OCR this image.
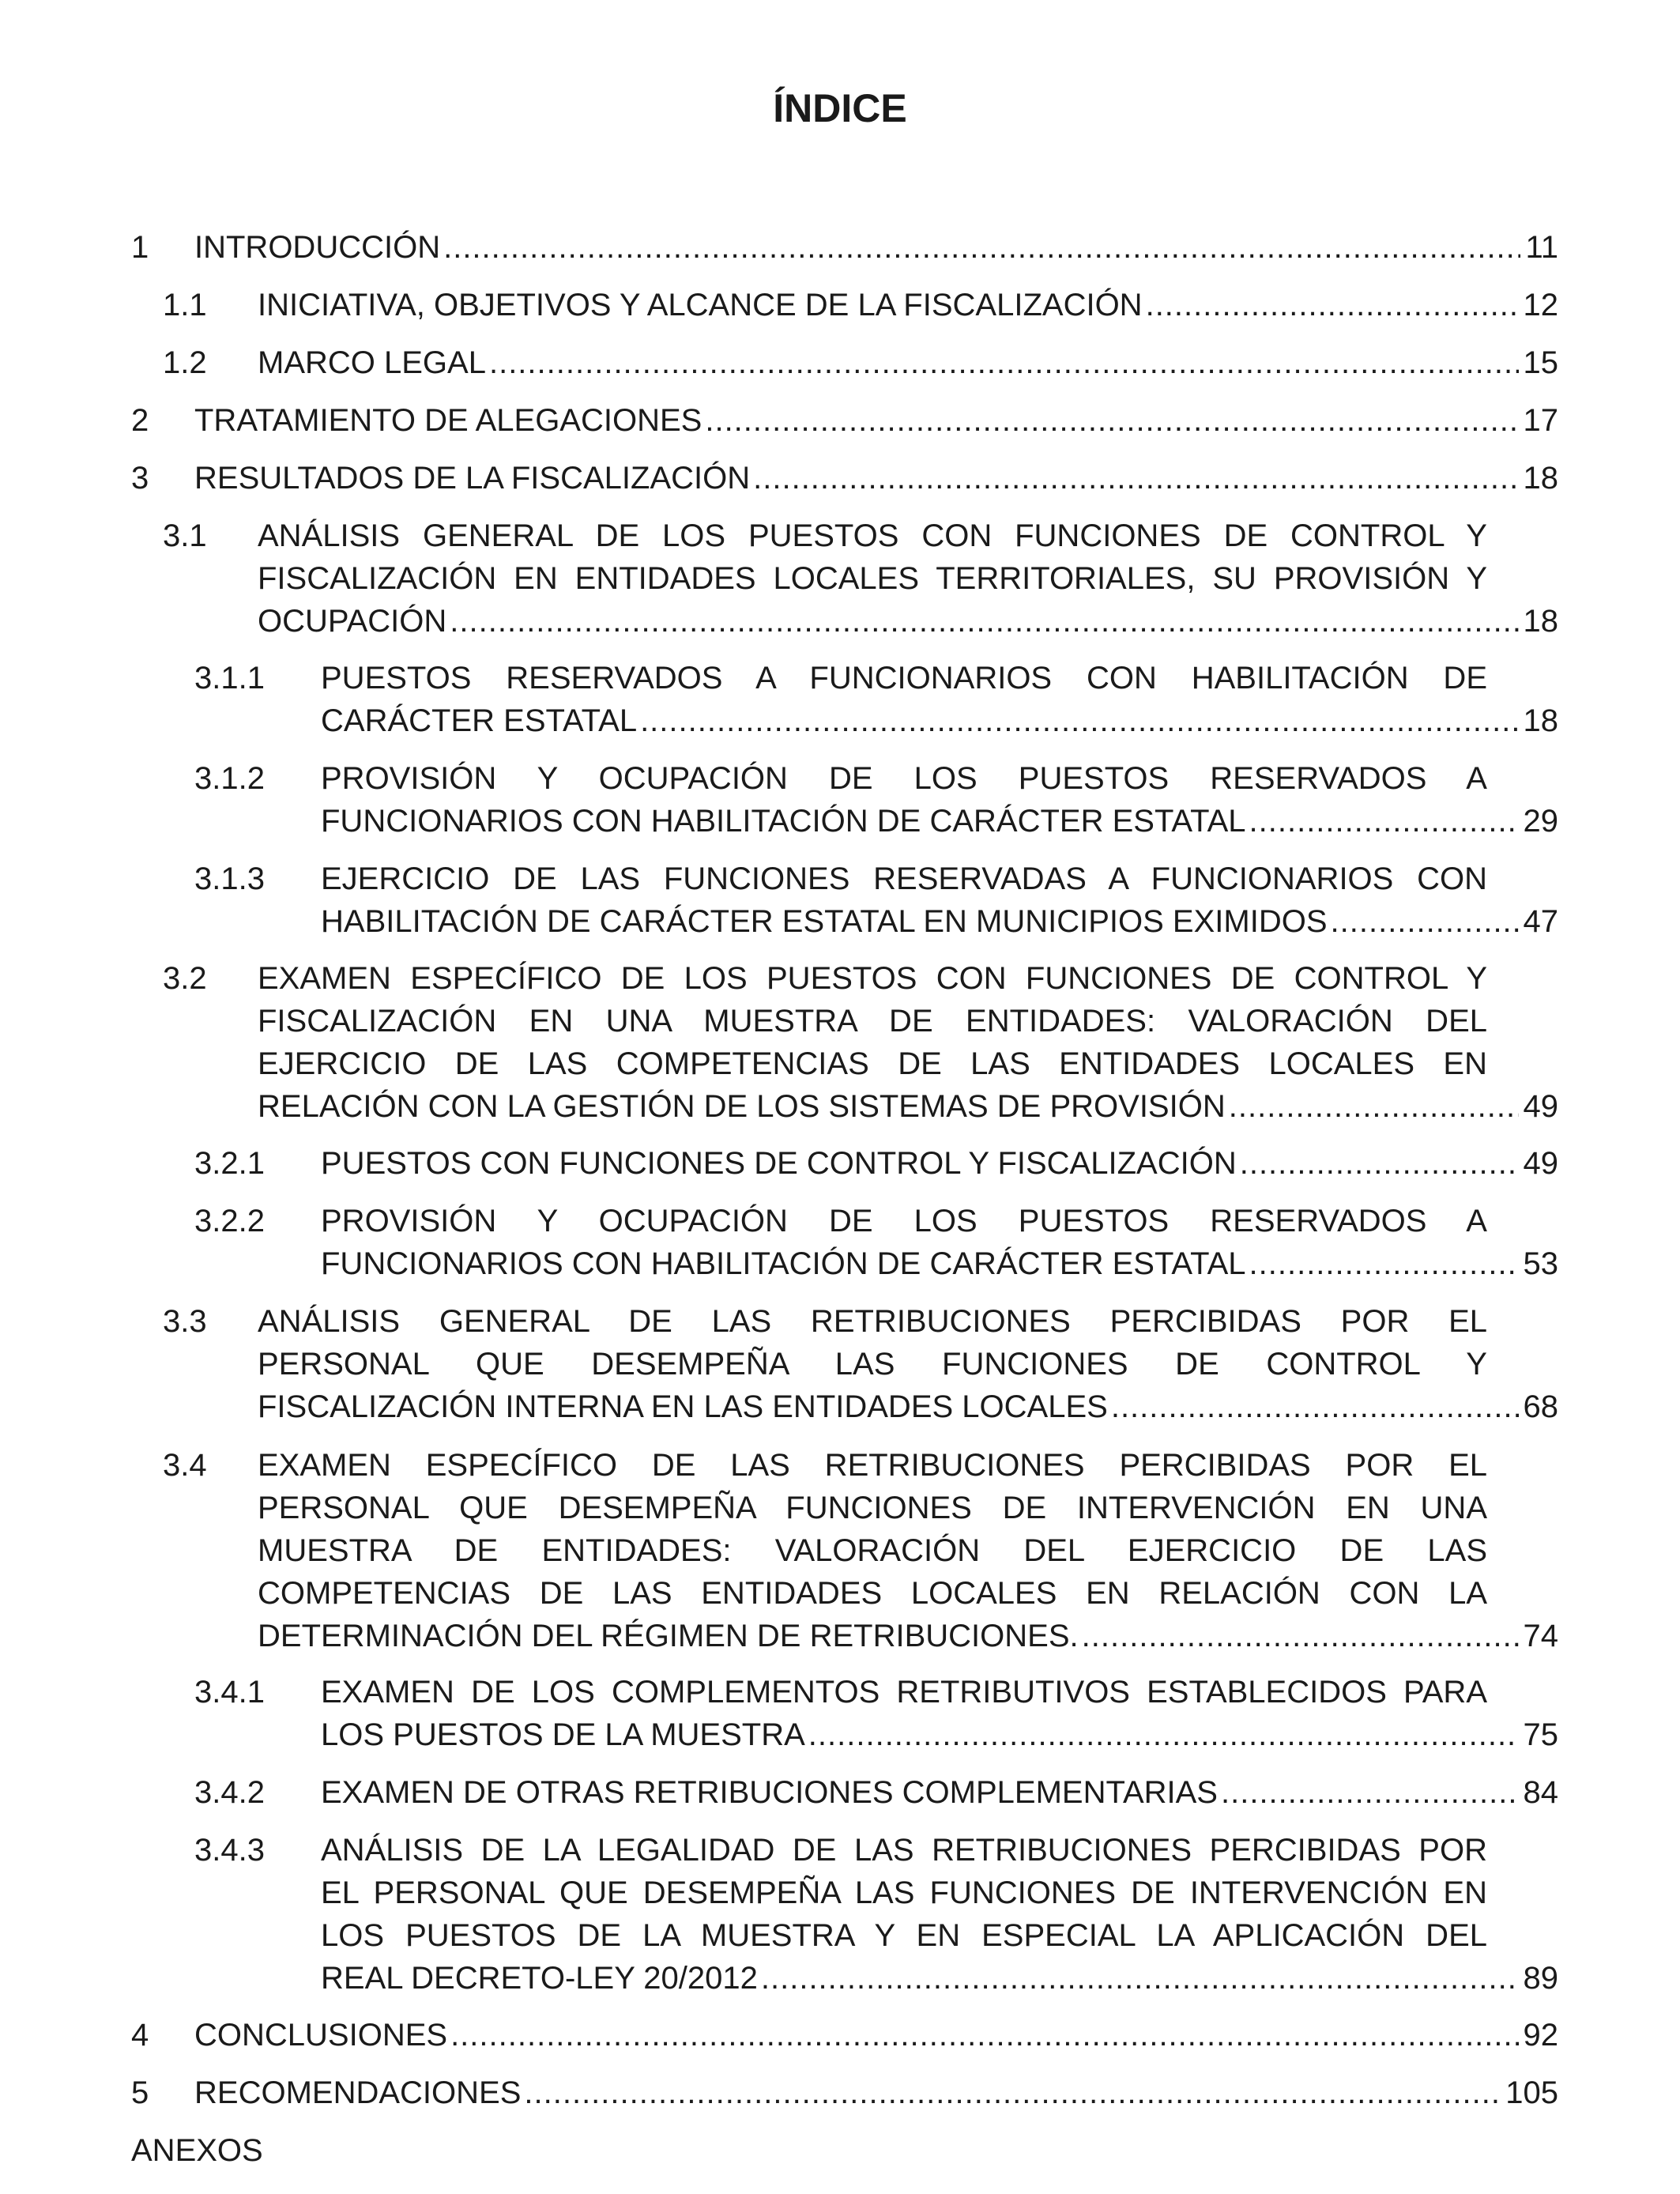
ÍNDICE
1 INTRODUCCIÓN .....	11
1.1 INICIATIVA, OBJETIVOS Y ALCANCE DE LA FISCALIZACIÓN .....	12
1.2 MARCO LEGAL .....	15
2 TRATAMIENTO DE ALEGACIONES .....	17
3 RESULTADOS DE LA FISCALIZACIÓN .....	18
3.1 ANÁLISIS GENERAL DE LOS PUESTOS CON FUNCIONES DE CONTROL Y
FISCALIZACIÓN EN ENTIDADES LOCALES TERRITORIALES, SU PROVISIÓN Y
OCUPACIÓN .....	18
3.1.1 PUESTOS RESERVADOS A FUNCIONARIOS CON HABILITACIÓN DE
CARÁCTER ESTATAL .....	18
3.1.2 PROVISIÓN Y OCUPACIÓN DE LOS PUESTOS RESERVADOS A
FUNCIONARIOS CON HABILITACIÓN DE CARÁCTER ESTATAL .....	29
3.1.3 EJERCICIO DE LAS FUNCIONES RESERVADAS A FUNCIONARIOS CON
HABILITACIÓN DE CARÁCTER ESTATAL EN MUNICIPIOS EXIMIDOS .....	47
3.2 EXAMEN ESPECÍFICO DE LOS PUESTOS CON FUNCIONES DE CONTROL Y
FISCALIZACIÓN EN UNA MUESTRA DE ENTIDADES: VALORACIÓN DEL
EJERCICIO DE LAS COMPETENCIAS DE LAS ENTIDADES LOCALES EN
RELACIÓN CON LA GESTIÓN DE LOS SISTEMAS DE PROVISIÓN .....	49
3.2.1 PUESTOS CON FUNCIONES DE CONTROL Y FISCALIZACIÓN .....	49
3.2.2 PROVISIÓN Y OCUPACIÓN DE LOS PUESTOS RESERVADOS A
FUNCIONARIOS CON HABILITACIÓN DE CARÁCTER ESTATAL .....	53
3.3 ANÁLISIS GENERAL DE LAS RETRIBUCIONES PERCIBIDAS POR EL
PERSONAL QUE DESEMPEÑA LAS FUNCIONES DE CONTROL Y
FISCALIZACIÓN INTERNA EN LAS ENTIDADES LOCALES .....	68
3.4 EXAMEN ESPECÍFICO DE LAS RETRIBUCIONES PERCIBIDAS POR EL
PERSONAL QUE DESEMPEÑA FUNCIONES DE INTERVENCIÓN EN UNA
MUESTRA DE ENTIDADES: VALORACIÓN DEL EJERCICIO DE LAS
COMPETENCIAS DE LAS ENTIDADES LOCALES EN RELACIÓN CON LA
DETERMINACIÓN DEL RÉGIMEN DE RETRIBUCIONES. .....	74
3.4.1 EXAMEN DE LOS COMPLEMENTOS RETRIBUTIVOS ESTABLECIDOS PARA
LOS PUESTOS DE LA MUESTRA .....	75
3.4.2 EXAMEN DE OTRAS RETRIBUCIONES COMPLEMENTARIAS .....	84
3.4.3 ANÁLISIS DE LA LEGALIDAD DE LAS RETRIBUCIONES PERCIBIDAS POR
EL PERSONAL QUE DESEMPEÑA LAS FUNCIONES DE INTERVENCIÓN EN
LOS PUESTOS DE LA MUESTRA Y EN ESPECIAL LA APLICACIÓN DEL
REAL DECRETO-LEY 20/2012 .....	89
4 CONCLUSIONES .....	92
5 RECOMENDACIONES .....	105
ANEXOS
